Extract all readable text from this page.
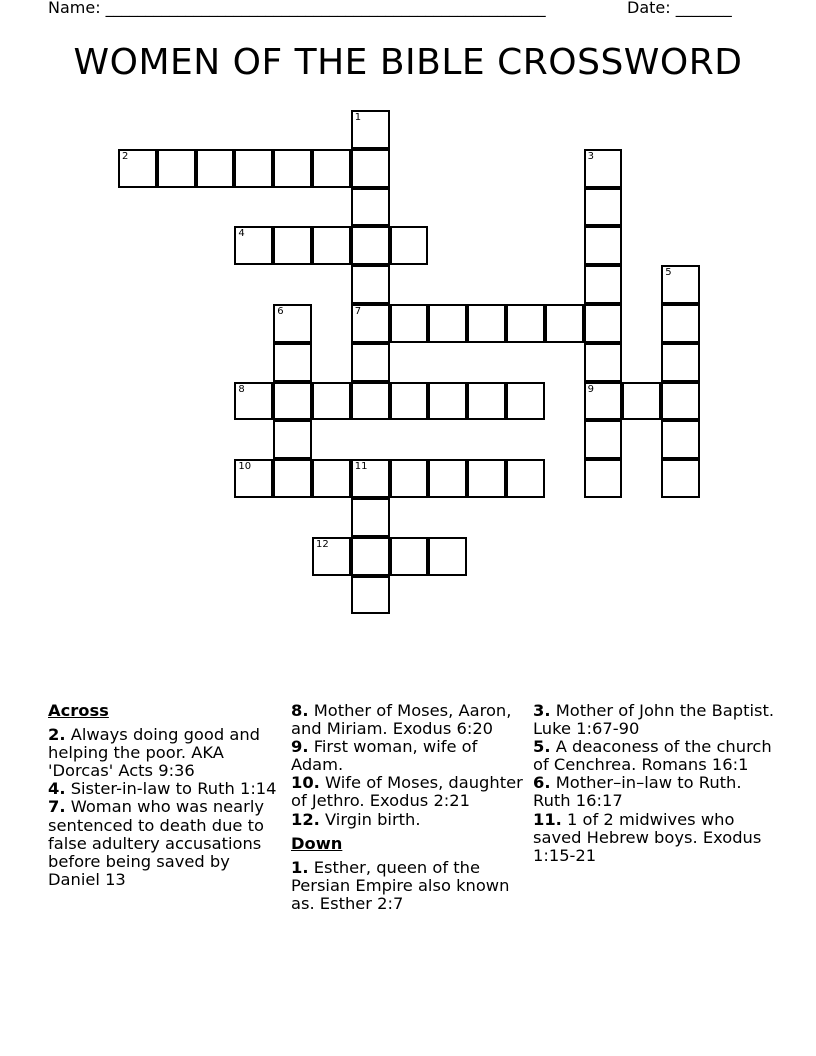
Name: _______________________________________________________	Date: _______
WOMEN OF THE BIBLE CROSSWORD
1
7
2	3
9
4
5
6
8
10	11
12
Across
2. Always doing good and helping the poor. AKA 'Dorcas' Acts 9:36
4. Sister-in-law to Ruth 1:14
7. Woman who was nearly sentenced to death due to false adultery accusations before being saved by Daniel 13
8. Mother of Moses, Aaron, and Miriam. Exodus 6:20
9. First woman, wife of Adam.
10. Wife of Moses, daughter of Jethro. Exodus 2:21
12. Virgin birth.
Down
1. Esther, queen of the Persian Empire also known as. Esther 2:7
3. Mother of John the Baptist. Luke 1:67-90
5. A deaconess of the church of Cenchrea. Romans 16:1
6. Mother–in–law to Ruth. Ruth 16:17
11. 1 of 2 midwives who saved Hebrew boys. Exodus 1:15-21
